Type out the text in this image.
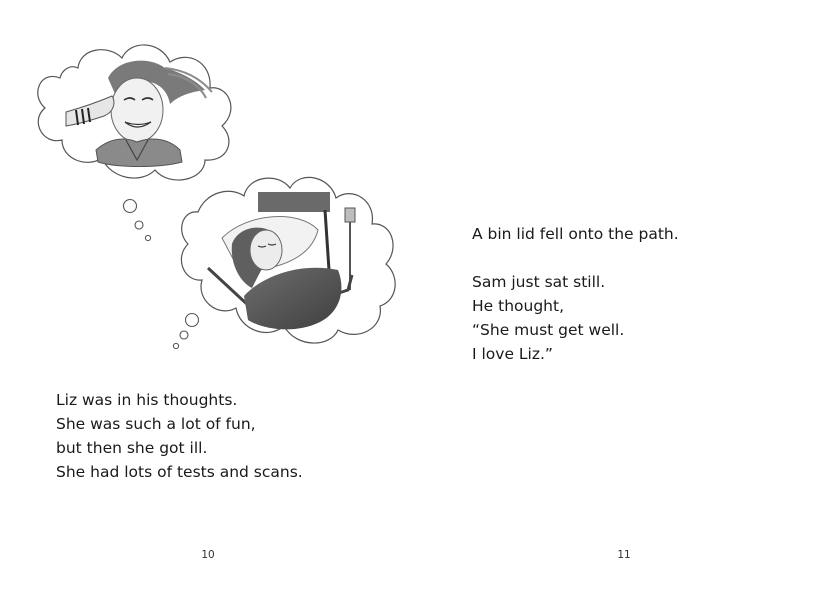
Liz was in his thoughts.
She was such a lot of fun,
but then she got ill.
She had lots of tests and scans.
10
A bin lid fell onto the path.
Sam just sat still.
He thought,
“She must get well.
I love Liz.”
11
